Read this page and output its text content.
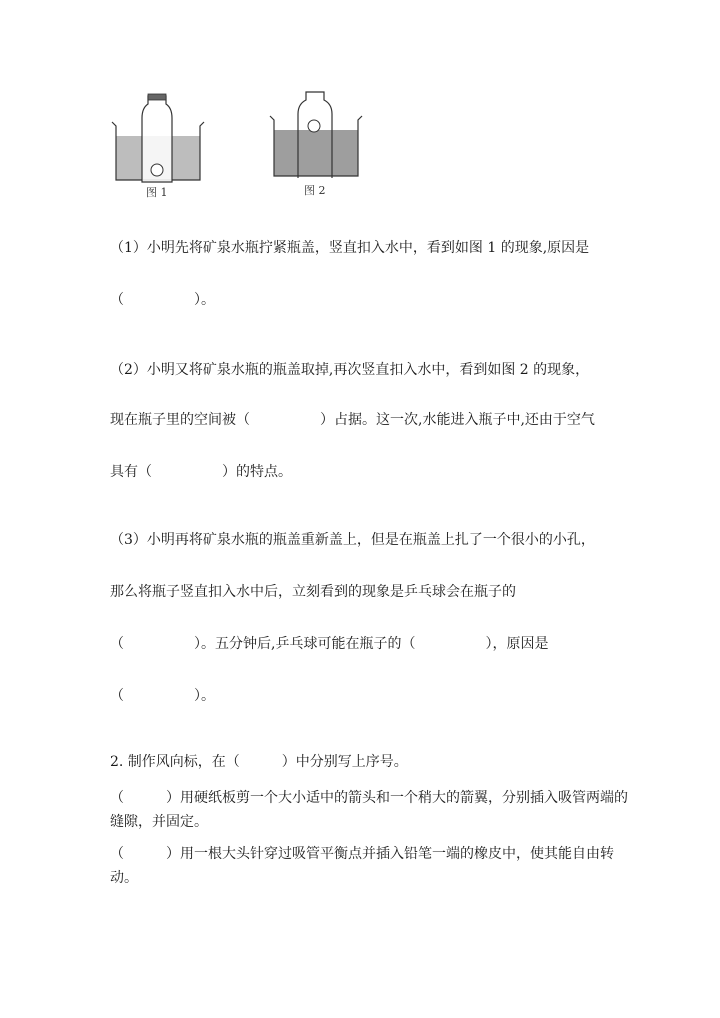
图 1	图 2
（1）小明先将矿泉水瓶拧紧瓶盖，竖直扣入水中，看到如图 1 的现象,原因是
（　　　　　）。
（2）小明又将矿泉水瓶的瓶盖取掉,再次竖直扣入水中，看到如图 2 的现象，
现在瓶子里的空间被（　　　　　）占据。这一次,水能进入瓶子中,还由于空气
具有（　　　　　）的特点。
（3）小明再将矿泉水瓶的瓶盖重新盖上，但是在瓶盖上扎了一个很小的小孔，
那么将瓶子竖直扣入水中后，立刻看到的现象是乒乓球会在瓶子的
（　　　　　）。五分钟后,乒乓球可能在瓶子的（　　　　　），原因是
（　　　　　）。
2. 制作风向标，在（　　　）中分别写上序号。
（　　　）用硬纸板剪一个大小适中的箭头和一个稍大的箭翼，分别插入吸管两端的缝隙，并固定。
（　　　）用一根大头针穿过吸管平衡点并插入铅笔一端的橡皮中，使其能自由转动。
